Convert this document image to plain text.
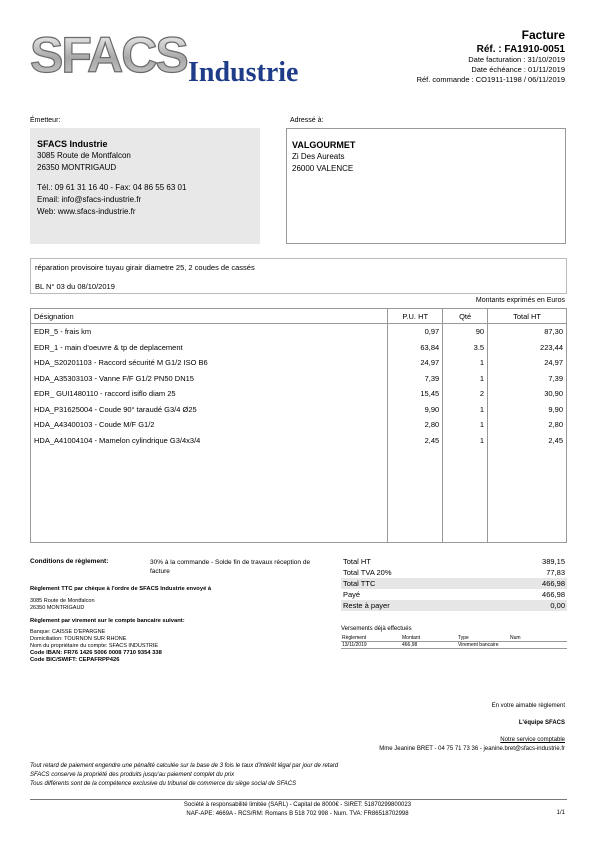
SFACS Industrie
Facture
Réf. : FA1910-0051
Date facturation : 31/10/2019
Date échéance : 01/11/2019
Réf. commande : CO1911-1198 / 06/11/2019
Émetteur:	Adressé à:
SFACS Industrie
3085 Route de Montfalcon
26350 MONTRIGAUD
Tél.: 09 61 31 16 40 - Fax: 04 86 55 63 01
Email: info@sfacs-industrie.fr
Web: www.sfacs-industrie.fr
VALGOURMET
Zi Des Aureats
26000 VALENCE
réparation provisoire tuyau girair diametre 25, 2 coudes de cassés
BL N° 03 du 08/10/2019
Montants exprimés en Euros
Désignation	P.U. HT	Qté	Total HT
EDR_5 - frais km	0,97	90	87,30
EDR_1 - main d'oeuvre & tp de deplacement	63,84	3.5	223,44
HDA_S20201103 - Raccord sécurité M G1/2 ISO B6	24,97	1	24,97
HDA_A35303103 - Vanne F/F G1/2 PN50 DN15	7,39	1	7,39
EDR_ GUI1480110 - raccord isiflo diam 25	15,45	2	30,90
HDA_P31625004 - Coude 90° taraudé G3/4 Ø25	9,90	1	9,90
HDA_A43400103 - Coude M/F G1/2	2,80	1	2,80
HDA_A41004104 - Mamelon cylindrique G3/4x3/4	2,45	1	2,45

Conditions de règlement:	30% à la commande - Solde fin de travaux réception de facture
Règlement TTC par chèque à l'ordre de SFACS Industrie envoyé à
3085 Route de Montfalcon
26350 MONTRIGAUD
Règlement par virement sur le compte bancaire suivant:
Banque: CAISSE D'EPARGNE
Domiciliation: TOURNON SUR RHONE
Nom du propriétaire du compte: SFACS INDUSTRIE
Code IBAN: FR76 1426 5006 0008 7710 9354 338
Code BIC/SWIFT: CEPAFRPP426
Total HT	389,15
Total TVA 20%	77,83
Total TTC	466,98
Payé	466,98
Reste à payer	0,00
Versements déjà effectués
Règlement	Montant	Type	Num
13/11/2019	466,98	Virement bancaire	
En votre aimable règlement
L'équipe SFACS
Notre service comptable
Mme Jeanine BRET - 04 75 71 73 36 - jeanine.bret@sfacs-industrie.fr
Tout retard de paiement engendre une pénalité calculée sur la base de 3 fois le taux d'intérêt légal par jour de retard
SFACS conserve la propriété des produits jusqu'au paiement complet du prix
Tous différents sont de la compétence exclusive du tribunal de commerce du siège social de SFACS
Société à responsabilité limitée (SARL) - Capital de 8000€ - SIRET: 51870299800023
NAF-APE: 4669A - RCS/RM: Romans B 518 702 998 - Num. TVA: FR86518702998	1/1
